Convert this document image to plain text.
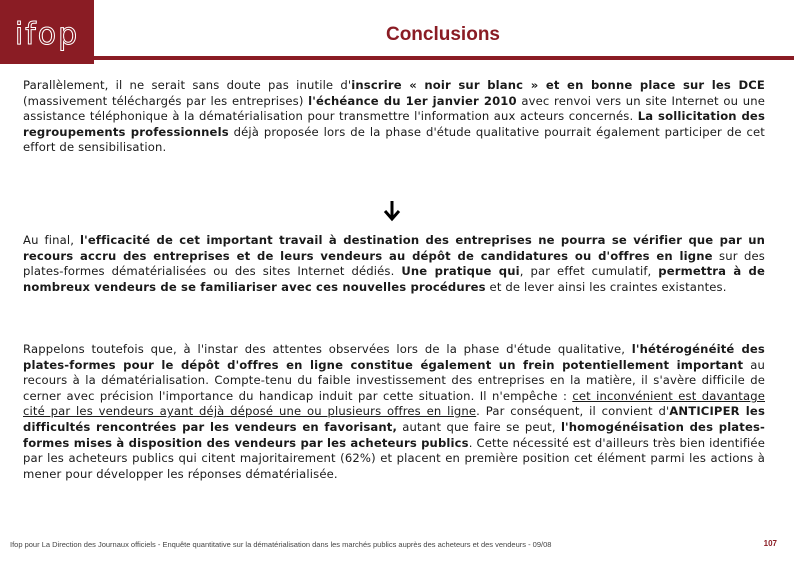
ifop	Conclusions
Parallèlement, il ne serait sans doute pas inutile d'inscrire « noir sur blanc » et en bonne place sur les DCE (massivement téléchargés par les entreprises) l'échéance du 1er janvier 2010 avec renvoi vers un site Internet ou une assistance téléphonique à la dématérialisation pour transmettre l'information aux acteurs concernés. La sollicitation des regroupements professionnels déjà proposée lors de la phase d'étude qualitative pourrait également participer de cet effort de sensibilisation.
Au final, l'efficacité de cet important travail à destination des entreprises ne pourra se vérifier que par un recours accru des entreprises et de leurs vendeurs au dépôt de candidatures ou d'offres en ligne sur des plates-formes dématérialisées ou des sites Internet dédiés. Une pratique qui, par effet cumulatif, permettra à de nombreux vendeurs de se familiariser avec ces nouvelles procédures et de lever ainsi les craintes existantes.
Rappelons toutefois que, à l'instar des attentes observées lors de la phase d'étude qualitative, l'hétérogénéité des plates-formes pour le dépôt d'offres en ligne constitue également un frein potentiellement important au recours à la dématérialisation. Compte-tenu du faible investissement des entreprises en la matière, il s'avère difficile de cerner avec précision l'importance du handicap induit par cette situation. Il n'empêche : cet inconvénient est davantage cité par les vendeurs ayant déjà déposé une ou plusieurs offres en ligne. Par conséquent, il convient d'ANTICIPER les difficultés rencontrées par les vendeurs en favorisant, autant que faire se peut, l'homogénéisation des plates-formes mises à disposition des vendeurs par les acheteurs publics. Cette nécessité est d'ailleurs très bien identifiée par les acheteurs publics qui citent majoritairement (62%) et placent en première position cet élément parmi les actions à mener pour développer les réponses dématérialisée.
Ifop pour La Direction des Journaux officiels - Enquête quantitative sur la dématérialisation dans les marchés publics auprès des acheteurs et des vendeurs - 09/08	107
